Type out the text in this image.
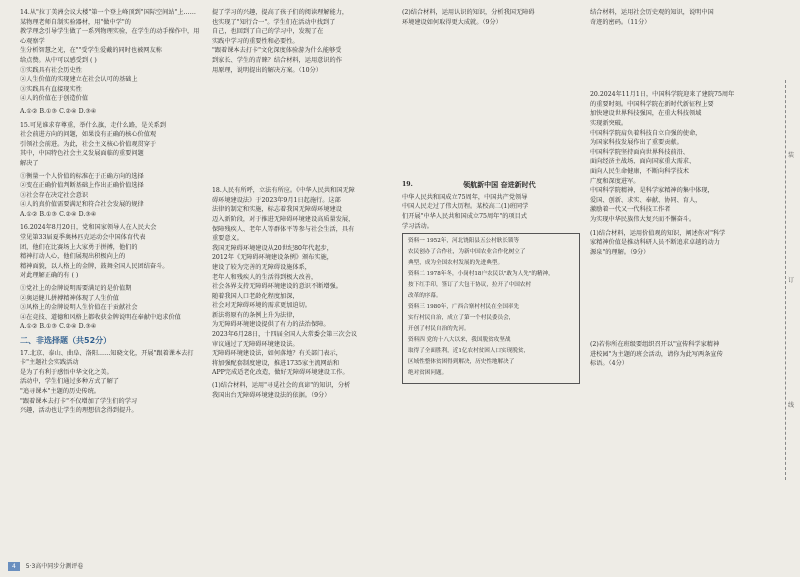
14.从"拉丁美洲会议大楼"第一个登上峰顶到"国际空间站"上……某物理老师自制实验器材，用"做中学"的

教学理念引导学生做了一系列物理实验，在学生的动手操作中，用心观察学

生分析智慧之光，在""受学生爱戴的同时也被网友称

给点赞。从中可以感受到 ( )

①实践具有社会历史性

②人生价值的实现建立在社会认可的基础上

③实践具有直接现实性

④人的价值在于创造价值

A.①② B.①③ C.②④ D.③④

15.可见谁求存尊重，举什么旗，走什么路，是关系到

社会前进方向的问题，如果没有正确的核心价值观

引领社会前进。为此，社会主义核心价值观贯穿于

其中，中国特色社会主义发展面临的重要问题

解决了

①衡量一个人价值的标准在于正确方向的选择

②变在正确价值判断基础上作出正确价值选择

③社会存在决定社会意识

④人的真价值需要满足和符合社会发展的规律

A.①② B.①③ C.②④ D.③④

16.2024年8月20日，党和国家领导人在人民大会

堂见第33届夏季奥林匹克运动会中国体育代表

团，他们在比赛场上大家勇于拼搏，他们的

精神打动人心，他们展现出积极向上的

精神面貌，以人格上的金牌，鼓舞全国人民团结奋斗。

对此理解正确的有 ( )

①党社上的金牌说明需要满足的是价值期

②奥运健儿拼搏精神体现了人生价值

③风格上的金牌说明人生价值在于贡献社会

④在竞技、道德和风格上都收获金牌说明在奉献中追求价值

A.①② B.①③ C.②④ D.③④

二、非选择题（共52分）

17.北京、泰山、曲阜、洛阳……知晓文化，开展"跟着课本去打卡"主题社会实践活动

是为了有利于感悟中华文化之美。

活动中，学生们通过多种方式了解了

"追寻课本"主题的历史传统。

"跟着课本去打卡"不仅增加了学生们的学习

兴趣，活动也让学生的理想信念得到提升。

提了学习的兴趣，提高了孩子们的阅读理解能力，

也实现了"知行合一"。学生们在活动中找到了

自己，也回到了自己的学习中，发现了在

实践中学习的重要性和必要性。

"跟着课本去打卡"文化深度体验游为什么能够受

到家长、学生的青睐？结合材料，运用意识的作

用原理，说明提出的解决方案。（10分）

18.人民有所呼，立法有所应。《中华人民共和国无障

碍环境建设法》于2023年9月1日起施行。这部

法律的制定和实施，标志着我国无障碍环境建设

迈入新阶段，对于推进无障碍环境建设高质量发展，

保障残疾人、老年人等群体平等参与社会生活，具有

重要意义。

我国无障碍环境建设从20世纪80年代起步，

2012年《无障碍环境建设条例》颁布实施，

建设了较为完善的无障碍设施体系，

老年人和残疾人的生活得到极大改善，

社会各界支持无障碍环境建设的意识不断增强。

随着我国人口老龄化程度加深，

社会对无障碍环境的需求更加迫切。

新法将原有的条例上升为法律，

为无障碍环境建设提供了有力的法治保障。

2023年6月28日，十四届全国人大常委会第三次会议

审议通过了无障碍环境建设法。

无障碍环境建设法，如何落地？有关部门表示，

将加强配套制度建设，推进1735家主流网站和

APP完成适老化改造，做好无障碍环境建设工作。

(1)结合材料，运用"寻觅社会的真谛"的知识，分析

我国出台无障碍环境建设法的依据。（9分）

(2)结合材料，运用认识的知识，分析我国无障碍

环境建设如何取得更大成就。（9分）

19.	领航新中国 奋进新时代

中华人民共和国成立75周年，中国共产党领导

中国人民走过了伟大历程。某校高二(1)班同学

们开展"中华人民共和国成立75周年"的项目式

学习活动。

资料一 1952年，河北饶阳县五公村耿长锁等

农民创办了合作社，为新中国农业合作化树立了

典型，成为全国农村发展的先进典型。

资料二 1978年冬，小岗村18户农民以"敢为人先"的精神，

按下红手印，签订了大包干协议，拉开了中国农村

改革的序幕。

资料三 1980年，广西合寨村村民在全国率先

实行村民自治，成立了第一个村民委员会，

开创了村民自治的先河。

资料四 党的十八大以来，我国脱贫攻坚战

取得了全面胜利，近1亿农村贫困人口实现脱贫，

区域性整体贫困得到解决，历史性地解决了

绝对贫困问题。

结合材料，运用社会历史观的知识，说明中国

奇迹的密码。（11分）

20.2024年11月1日，中国科学院迎来了建院75周年

的重要时刻。中国科学院在新时代新征程上要

加快建设世界科技强国，在重大科技领域

实现新突破。

中国科学院肩负着科技自立自强的使命，

为国家科技发展作出了重要贡献。

中国科学院坚持面向世界科技前沿、

面向经济主战场、面向国家重大需求、

面向人民生命健康，不断向科学技术

广度和深度进军。

中国科学院精神，是科学家精神的集中体现，

爱国、创新、求实、奉献、协同、育人，

激励着一代又一代科技工作者

为实现中华民族伟大复兴而不懈奋斗。

(1)结合材料，运用价值观的知识，阐述你对"科学

家精神价值是推动科研人员不断追求卓越的动力

源泉"的理解。（9分）

(2)若你所在班级要组织召开以"宣传科学家精神

进校园"为主题的班会活动，请你为此写两条宣传

标语。（4分）

装
订
线
4 5·3高中同步分测评卷
